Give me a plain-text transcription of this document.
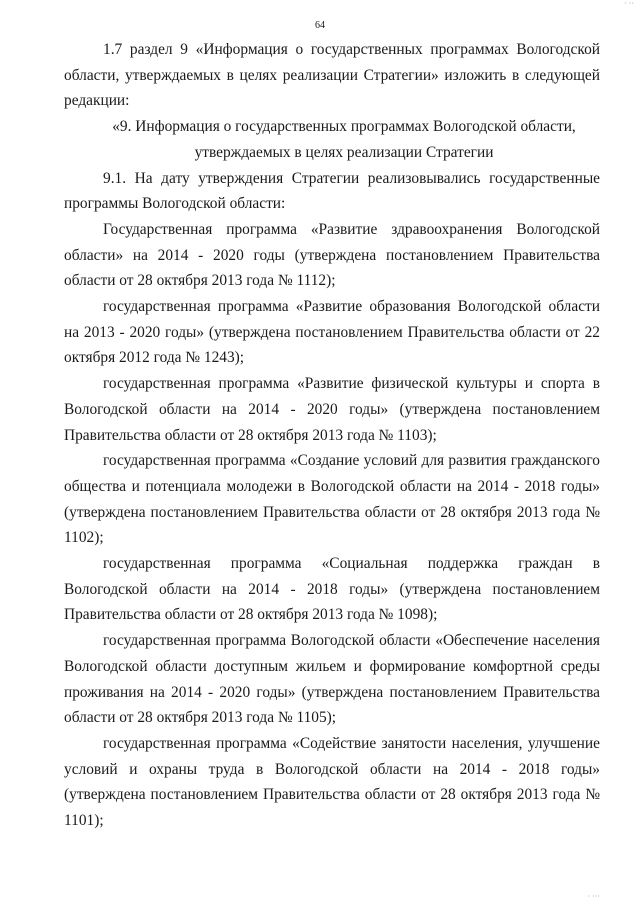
· ··
64

1.7 раздел 9 «Информация о государственных программах Вологодской области, утверждаемых в целях реализации Стратегии» изложить в следующей редакции:

«9. Информация о государственных программах Вологодской области, утверждаемых в целях реализации Стратегии

9.1. На дату утверждения Стратегии реализовывались государственные программы Вологодской области:

Государственная программа «Развитие здравоохранения Вологодской области» на 2014 - 2020 годы (утверждена постановлением Правительства области от 28 октября 2013 года № 1112);

государственная программа «Развитие образования Вологодской области на 2013 - 2020 годы» (утверждена постановлением Правительства области от 22 октября 2012 года № 1243);

государственная программа «Развитие физической культуры и спорта в Вологодской области на 2014 - 2020 годы» (утверждена постановлением Правительства области от 28 октября 2013 года № 1103);

государственная программа «Создание условий для развития гражданского общества и потенциала молодежи в Вологодской области на 2014 - 2018 годы» (утверждена постановлением Правительства области от 28 октября 2013 года № 1102);

государственная программа «Социальная поддержка граждан в Вологодской области на 2014 - 2018 годы» (утверждена постановлением Правительства области от 28 октября 2013 года № 1098);

государственная программа Вологодской области «Обеспечение населения Вологодской области доступным жильем и формирование комфортной среды проживания на 2014 - 2020 годы» (утверждена постановлением Правительства области от 28 октября 2013 года № 1105);

государственная программа «Содействие занятости населения, улучшение условий и охраны труда в Вологодской области на 2014 - 2018 годы» (утверждена постановлением Правительства области от 28 октября 2013 года № 1101);

· ···
